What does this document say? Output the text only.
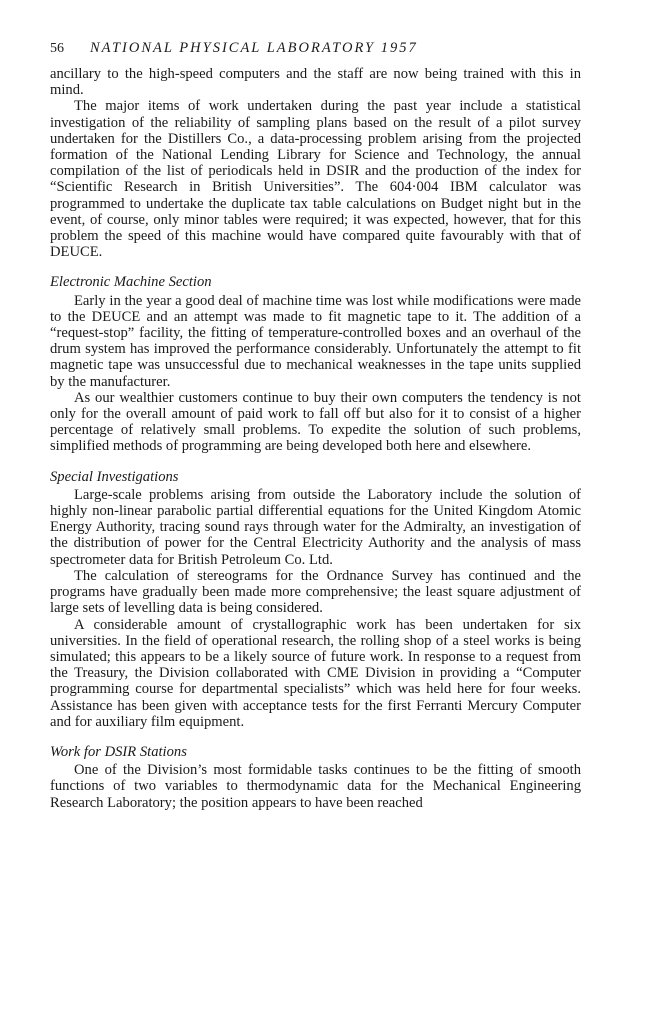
56	NATIONAL PHYSICAL LABORATORY 1957

ancillary to the high-speed computers and the staff are now being trained with this in mind.

The major items of work undertaken during the past year include a statistical investigation of the reliability of sampling plans based on the result of a pilot survey undertaken for the Distillers Co., a data-processing problem arising from the projected formation of the National Lending Library for Science and Technology, the annual compilation of the list of periodicals held in DSIR and the production of the index for “Scientific Research in British Universities”. The 604·004 IBM calculator was programmed to undertake the duplicate tax table calculations on Budget night but in the event, of course, only minor tables were required; it was expected, however, that for this problem the speed of this machine would have compared quite favourably with that of DEUCE.

Electronic Machine Section

Early in the year a good deal of machine time was lost while modifications were made to the DEUCE and an attempt was made to fit magnetic tape to it. The addition of a “request-stop” facility, the fitting of temperature-controlled boxes and an overhaul of the drum system has improved the performance considerably. Unfortunately the attempt to fit magnetic tape was unsuccessful due to mechanical weaknesses in the tape units supplied by the manufacturer.

As our wealthier customers continue to buy their own computers the tendency is not only for the overall amount of paid work to fall off but also for it to consist of a higher percentage of relatively small problems. To expedite the solution of such problems, simplified methods of programming are being developed both here and elsewhere.

Special Investigations

Large-scale problems arising from outside the Laboratory include the solution of highly non-linear parabolic partial differential equations for the United Kingdom Atomic Energy Authority, tracing sound rays through water for the Admiralty, an investigation of the distribution of power for the Central Electricity Authority and the analysis of mass spectrometer data for British Petroleum Co. Ltd.

The calculation of stereograms for the Ordnance Survey has continued and the programs have gradually been made more comprehensive; the least square adjustment of large sets of levelling data is being considered.

A considerable amount of crystallographic work has been undertaken for six universities. In the field of operational research, the rolling shop of a steel works is being simulated; this appears to be a likely source of future work. In response to a request from the Treasury, the Division collaborated with CME Division in providing a “Computer programming course for departmental specialists” which was held here for four weeks. Assistance has been given with acceptance tests for the first Ferranti Mercury Computer and for auxiliary film equipment.

Work for DSIR Stations

One of the Division’s most formidable tasks continues to be the fitting of smooth functions of two variables to thermodynamic data for the Mechanical Engineering Research Laboratory; the position appears to have been reached
